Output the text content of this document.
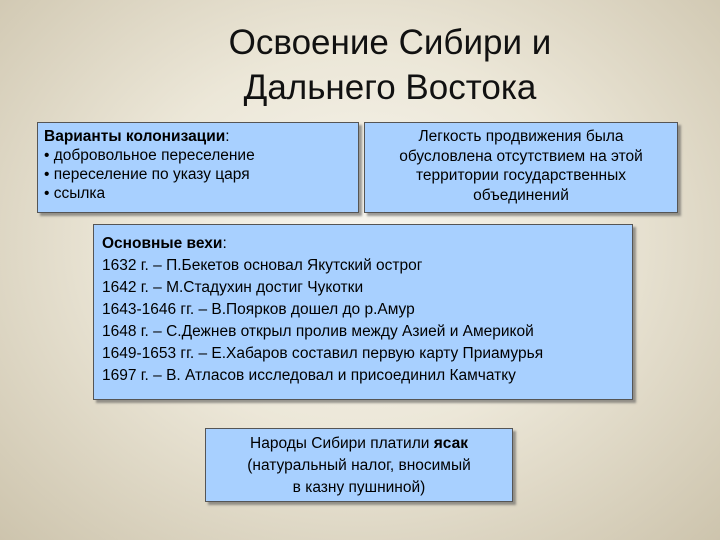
Освоение Сибири и
Дальнего Востока
Варианты колонизации:
• добровольное переселение
• переселение по указу царя
• ссылка
Легкость продвижения была
обусловлена отсутствием на этой
территории государственных
объединений
Основные вехи:
1632 г. – П.Бекетов основал Якутский острог
1642 г. – М.Стадухин достиг Чукотки
1643-1646 гг. – В.Поярков дошел до р.Амур
1648 г. – С.Дежнев открыл пролив между Азией и Америкой
1649-1653 гг. – Е.Хабаров составил первую карту Приамурья
1697 г. – В. Атласов исследовал и присоединил Камчатку
Народы Сибири платили ясак
(натуральный налог, вносимый
в казну пушниной)
